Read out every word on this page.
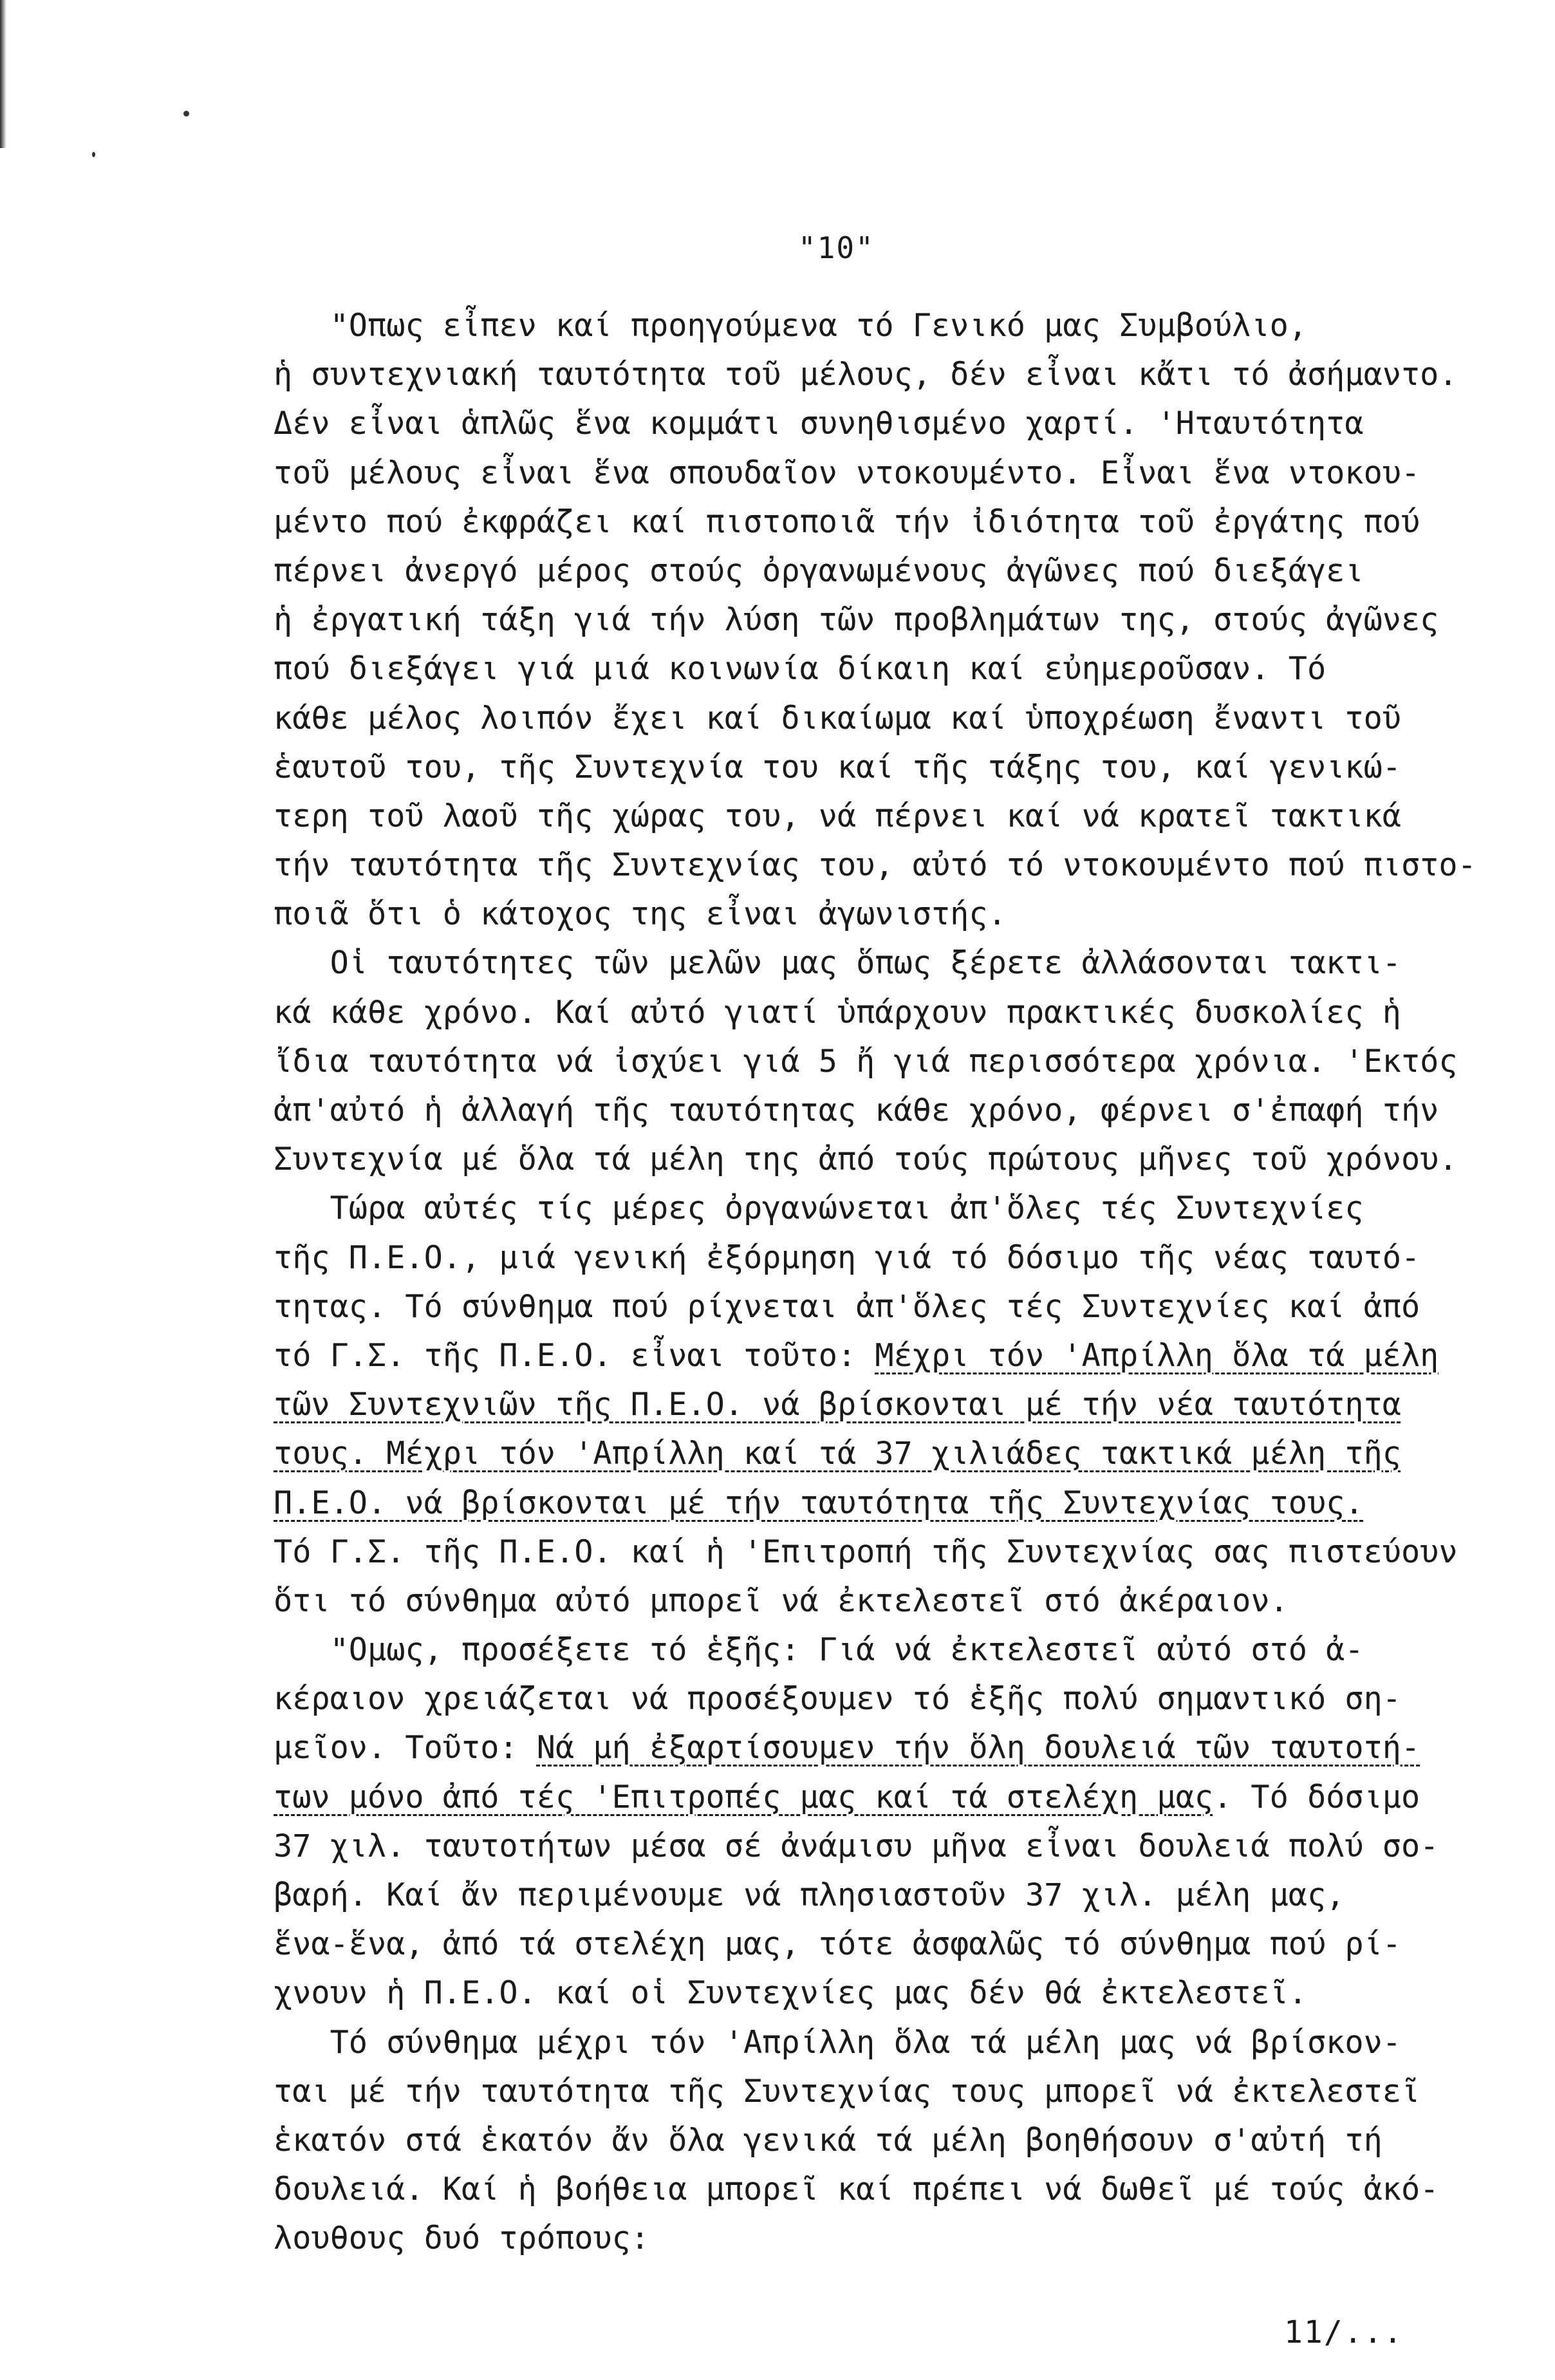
"10"
"Οπως εἶπεν καί προηγούμενα τό Γενικό μας Συμβούλιο,
ἡ συντεχνιακή ταυτότητα τοῦ μέλους, δέν εἶναι κἄτι τό ἀσήμαντο.
Δέν εἶναι ἁπλῶς ἕνα κομμάτι συνηθισμένο χαρτί. 'Ηταυτότητα
τοῦ μέλους εἶναι ἕνα σπουδαῖον ντοκουμέντο. Εἶναι ἕνα ντοκου-
μέντο πού ἐκφράζει καί πιστοποιᾶ τήν ἰδιότητα τοῦ ἐργάτης πού
πέρνει ἀνεργό μέρος στούς ὀργανωμένους ἀγῶνες πού διεξάγει
ἡ ἐργατική τάξη γιά τήν λύση τῶν προβλημάτων της, στούς ἀγῶνες
πού διεξάγει γιά μιά κοινωνία δίκαιη καί εὐημεροῦσαν. Τό
κάθε μέλος λοιπόν ἔχει καί δικαίωμα καί ὑποχρέωση ἔναντι τοῦ
ἑαυτοῦ του, τῆς Συντεχνία του καί τῆς τάξης του, καί γενικώ-
τερη τοῦ λαοῦ τῆς χώρας του, νά πέρνει καί νά κρατεῖ τακτικά
τήν ταυτότητα τῆς Συντεχνίας του, αὐτό τό ντοκουμέντο πού πιστο-
ποιᾶ ὅτι ὁ κάτοχος της εἶναι ἀγωνιστής.
Οἱ ταυτότητες τῶν μελῶν μας ὅπως ξέρετε ἀλλάσονται τακτι-
κά κάθε χρόνο. Καί αὐτό γιατί ὑπάρχουν πρακτικές δυσκολίες ἡ
ἴδια ταυτότητα νά ἰσχύει γιά 5 ἤ γιά περισσότερα χρόνια. 'Εκτός
ἀπ'αὐτό ἡ ἀλλαγή τῆς ταυτότητας κάθε χρόνο, φέρνει σ'ἐπαφή τήν
Συντεχνία μέ ὅλα τά μέλη της ἀπό τούς πρώτους μῆνες τοῦ χρόνου.
Τώρα αὐτές τίς μέρες ὀργανώνεται ἀπ'ὅλες τές Συντεχνίες
τῆς Π.Ε.Ο., μιά γενική ἐξόρμηση γιά τό δόσιμο τῆς νέας ταυτό-
τητας. Τό σύνθημα πού ρίχνεται ἀπ'ὅλες τές Συντεχνίες καί ἀπό
τό Γ.Σ. τῆς Π.Ε.Ο. εἶναι τοῦτο: Μέχρι τόν 'Απρίλλη ὅλα τά μέλη
τῶν Συντεχνιῶν τῆς Π.Ε.Ο. νά βρίσκονται μέ τήν νέα ταυτότητα
τους. Μέχρι τόν 'Απρίλλη καί τά 37 χιλιάδες τακτικά μέλη τῆς
Π.Ε.Ο. νά βρίσκονται μέ τήν ταυτότητα τῆς Συντεχνίας τους.
Τό Γ.Σ. τῆς Π.Ε.Ο. καί ἡ 'Επιτροπή τῆς Συντεχνίας σας πιστεύουν
ὅτι τό σύνθημα αὐτό μπορεῖ νά ἐκτελεστεῖ στό ἀκέραιον.
"Ομως, προσέξετε τό ἑξῆς: Γιά νά ἐκτελεστεῖ αὐτό στό ἀ-
κέραιον χρειάζεται νά προσέξουμεν τό ἑξῆς πολύ σημαντικό ση-
μεῖον. Τοῦτο: Νά μή ἐξαρτίσουμεν τήν ὅλη δουλειά τῶν ταυτοτή-
των μόνο ἀπό τές 'Επιτροπές μας καί τά στελέχη μας. Τό δόσιμο
37 χιλ. ταυτοτήτων μέσα σέ ἀνάμισυ μῆνα εἶναι δουλειά πολύ σο-
βαρή. Καί ἄν περιμένουμε νά πλησιαστοῦν 37 χιλ. μέλη μας,
ἕνα-ἕνα, ἀπό τά στελέχη μας, τότε ἀσφαλῶς τό σύνθημα πού ρί-
χνουν ἡ Π.Ε.Ο. καί οἱ Συντεχνίες μας δέν θά ἐκτελεστεῖ.
Τό σύνθημα μέχρι τόν 'Απρίλλη ὅλα τά μέλη μας νά βρίσκον-
ται μέ τήν ταυτότητα τῆς Συντεχνίας τους μπορεῖ νά ἐκτελεστεῖ
ἑκατόν στά ἑκατόν ἄν ὅλα γενικά τά μέλη βοηθήσουν σ'αὐτή τή
δουλειά. Καί ἡ βοήθεια μπορεῖ καί πρέπει νά δωθεῖ μέ τούς ἀκό-
λουθους δυό τρόπους:
11/...
